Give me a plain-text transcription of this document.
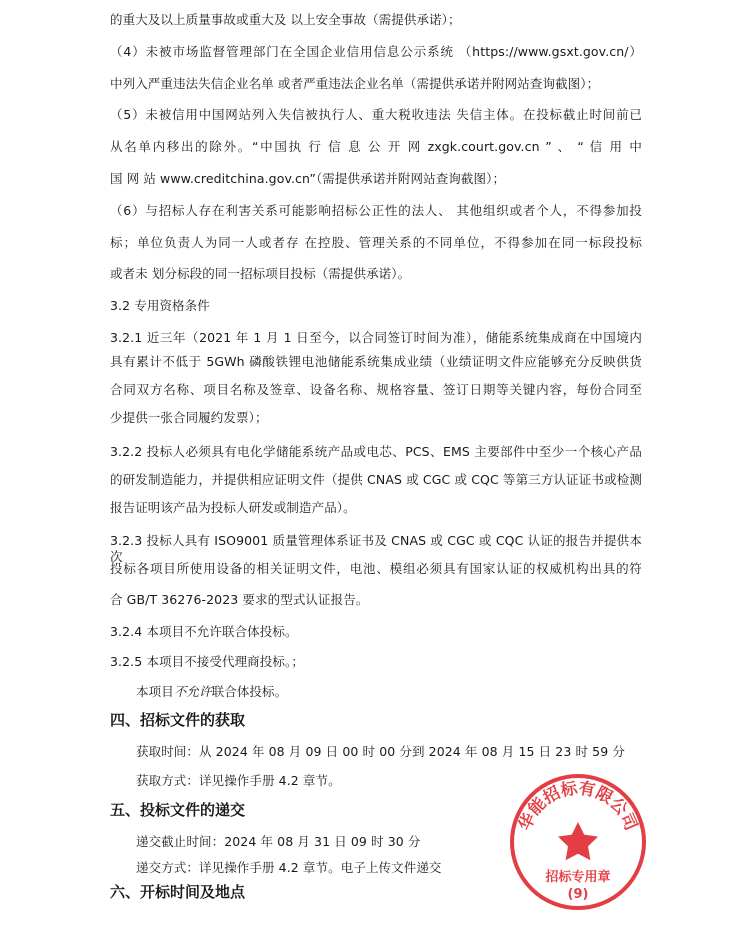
的重大及以上质量事故或重大及 以上安全事故（需提供承诺）；
（4）未被市场监督管理部门在全国企业信用信息公示系统 （https://www.gsxt.gov.cn/）
中列入严重违法失信企业名单 或者严重违法企业名单（需提供承诺并附网站查询截图）；
（5）未被信用中国网站列入失信被执行人、重大税收违法 失信主体。在投标截止时间前已
从名单内移出的除外。“中国执 行 信 息 公 开 网 zxgk.court.gov.cn ” 、 “ 信 用 中
国 网 站 www.creditchina.gov.cn”（需提供承诺并附网站查询截图）；
（6）与招标人存在利害关系可能影响招标公正性的法人、 其他组织或者个人，不得参加投
标；单位负责人为同一人或者存 在控股、管理关系的不同单位，不得参加在同一标段投标
或者未 划分标段的同一招标项目投标（需提供承诺）。
3.2 专用资格条件
3.2.1 近三年（2021 年 1 月 1 日至今，以合同签订时间为准），储能系统集成商在中国境内
具有累计不低于 5GWh 磷酸铁锂电池储能系统集成业绩（业绩证明文件应能够充分反映供货
合同双方名称、项目名称及签章、设备名称、规格容量、签订日期等关键内容，每份合同至
少提供一张合同履约发票）；
3.2.2 投标人必须具有电化学储能系统产品或电芯、PCS、EMS 主要部件中至少一个核心产品
的研发制造能力，并提供相应证明文件（提供 CNAS 或 CGC 或 CQC 等第三方认证证书或检测
报告证明该产品为投标人研发或制造产品）。
3.2.3 投标人具有 ISO9001 质量管理体系证书及 CNAS 或 CGC 或 CQC 认证的报告并提供本次
投标各项目所使用设备的相关证明文件，电池、模组必须具有国家认证的权威机构出具的符
合 GB/T 36276-2023 要求的型式认证报告。
3.2.4 本项目不允许联合体投标。
3.2.5 本项目不接受代理商投标。；
本项目不允许联合体投标。
四、招标文件的获取
获取时间：从 2024 年 08 月 09 日 00 时 00 分到 2024 年 08 月 15 日 23 时 59 分
获取方式：详见操作手册 4.2 章节。
五、投标文件的递交
递交截止时间：2024 年 08 月 31 日 09 时 30 分
递交方式：详见操作手册 4.2 章节。电子上传文件递交
六、开标时间及地点
华能招标有限公司
招标专用章
(9)
